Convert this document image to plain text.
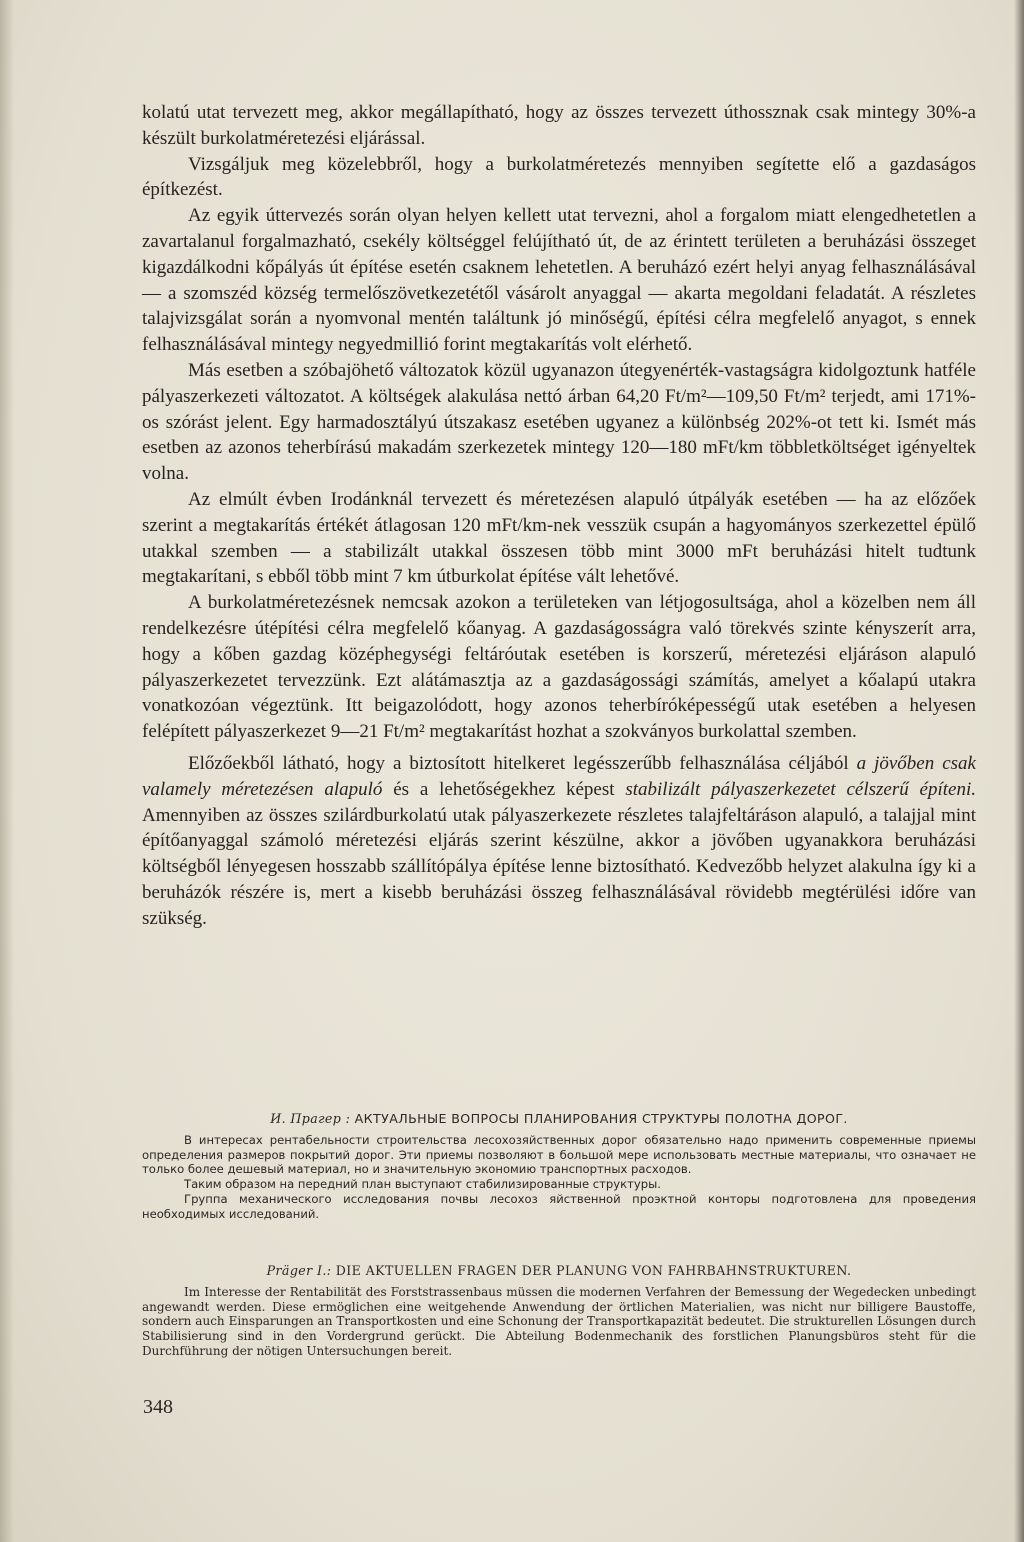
kolatú utat tervezett meg, akkor megállapítható, hogy az összes tervezett úthossznak csak mintegy 30%-a készült burkolatméretezési eljárással.

Vizsgáljuk meg közelebbről, hogy a burkolatméretezés mennyiben segítette elő a gazdaságos építkezést.

Az egyik úttervezés során olyan helyen kellett utat tervezni, ahol a forgalom miatt elengedhetetlen a zavartalanul forgalmazható, csekély költséggel felújítható út, de az érintett területen a beruházási összeget kigazdálkodni kőpályás út építése esetén csaknem lehetetlen. A beruházó ezért helyi anyag felhasználásával — a szomszéd község termelőszövetkezetétől vásárolt anyaggal — akarta megoldani feladatát. A részletes talajvizsgálat során a nyomvonal mentén találtunk jó minőségű, építési célra megfelelő anyagot, s ennek felhasználásával mintegy negyedmillió forint megtakarítás volt elérhető.

Más esetben a szóbajöhető változatok közül ugyanazon útegyenérték-vastagságra kidolgoztunk hatféle pályaszerkezeti változatot. A költségek alakulása nettó árban 64,20 Ft/m²—109,50 Ft/m² terjedt, ami 171%-os szórást jelent. Egy harmadosztályú útszakasz esetében ugyanez a különbség 202%-ot tett ki. Ismét más esetben az azonos teherbírású makadám szerkezetek mintegy 120—180 mFt/km többletköltséget igényeltek volna.

Az elmúlt évben Irodánknál tervezett és méretezésen alapuló útpályák esetében — ha az előzőek szerint a megtakarítás értékét átlagosan 120 mFt/km-nek vesszük csupán a hagyományos szerkezettel épülő utakkal szemben — a stabilizált utakkal összesen több mint 3000 mFt beruházási hitelt tudtunk megtakarítani, s ebből több mint 7 km útburkolat építése vált lehetővé.

A burkolatméretezésnek nemcsak azokon a területeken van létjogosultsága, ahol a közelben nem áll rendelkezésre útépítési célra megfelelő kőanyag. A gazdaságosságra való törekvés szinte kényszerít arra, hogy a kőben gazdag középhegységi feltáróutak esetében is korszerű, méretezési eljáráson alapuló pályaszerkezetet tervezzünk. Ezt alátámasztja az a gazdaságossági számítás, amelyet a kőalapú utakra vonatkozóan végeztünk. Itt beigazolódott, hogy azonos teherbíróképességű utak esetében a helyesen felépített pályaszerkezet 9—21 Ft/m² megtakarítást hozhat a szokványos burkolattal szemben.

Előzőekből látható, hogy a biztosított hitelkeret legésszerűbb felhasználása céljából a jövőben csak valamely méretezésen alapuló és a lehetőségekhez képest stabilizált pályaszerkezetet célszerű építeni. Amennyiben az összes szilárdburkolatú utak pályaszerkezete részletes talajfeltáráson alapuló, a talajjal mint építőanyaggal számoló méretezési eljárás szerint készülne, akkor a jövőben ugyanakkora beruházási költségből lényegesen hosszabb szállítópálya építése lenne biztosítható. Kedvezőbb helyzet alakulna így ki a beruházók részére is, mert a kisebb beruházási összeg felhasználásával rövidebb megtérülési időre van szükség.

И. Прагер : АКТУАЛЬНЫЕ ВОПРОСЫ ПЛАНИРОВАНИЯ СТРУКТУРЫ ПОЛОТНА ДОРОГ.

В интересах рентабельности строительства лесохозяйственных дорог обязательно надо применить современные приемы определения размеров покрытий дорог. Эти приемы позволяют в большой мере использовать местные материалы, что означает не только более дешевый материал, но и значительную экономию транспортных расходов.

Таким образом на передний план выступают стабилизированные структуры.

Группа механического исследования почвы лесохоз яйственной проэктной конторы подготовлена для проведения необходимых исследований.

Präger I.: DIE AKTUELLEN FRAGEN DER PLANUNG VON FAHRBAHNSTRUKTUREN.

Im Interesse der Rentabilität des Forststrassenbaus müssen die modernen Verfahren der Bemessung der Wegedecken unbedingt angewandt werden. Diese ermöglichen eine weitgehende Anwendung der örtlichen Materialien, was nicht nur billigere Baustoffe, sondern auch Einsparungen an Transportkosten und eine Schonung der Transportkapazität bedeutet. Die strukturellen Lösungen durch Stabilisierung sind in den Vordergrund gerückt. Die Abteilung Bodenmechanik des forstlichen Planungsbüros steht für die Durchführung der nötigen Untersuchungen bereit.

348
